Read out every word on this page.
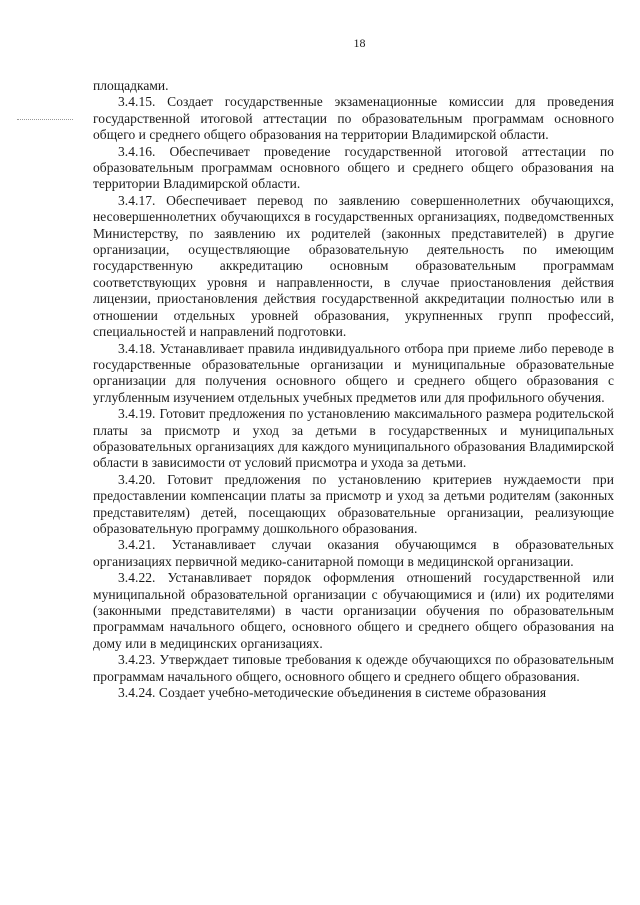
18

площадками.

3.4.15. Создает государственные экзаменационные комиссии для проведения государственной итоговой аттестации по образовательным программам основного общего и среднего общего образования на территории Владимирской области.

3.4.16. Обеспечивает проведение государственной итоговой аттестации по образовательным программам основного общего и среднего общего образования на территории Владимирской области.

3.4.17. Обеспечивает перевод по заявлению совершеннолетних обучающихся, несовершеннолетних обучающихся в государственных организациях, подведомственных Министерству, по заявлению их родителей (законных представителей) в другие организации, осуществляющие образовательную деятельность по имеющим государственную аккредитацию основным образовательным программам соответствующих уровня и направленности, в случае приостановления действия лицензии, приостановления действия государственной аккредитации полностью или в отношении отдельных уровней образования, укрупненных групп профессий, специальностей и направлений подготовки.

3.4.18. Устанавливает правила индивидуального отбора при приеме либо переводе в государственные образовательные организации и муниципальные образовательные организации для получения основного общего и среднего общего образования с углубленным изучением отдельных учебных предметов или для профильного обучения.

3.4.19. Готовит предложения по установлению максимального размера родительской платы за присмотр и уход за детьми в государственных и муниципальных образовательных организациях для каждого муниципального образования Владимирской области в зависимости от условий присмотра и ухода за детьми.

3.4.20. Готовит предложения по установлению критериев нуждаемости при предоставлении компенсации платы за присмотр и уход за детьми родителям (законных представителям) детей, посещающих образовательные организации, реализующие образовательную программу дошкольного образования.

3.4.21. Устанавливает случаи оказания обучающимся в образовательных организациях первичной медико-санитарной помощи в медицинской организации.

3.4.22. Устанавливает порядок оформления отношений государственной или муниципальной образовательной организации с обучающимися и (или) их родителями (законными представителями) в части организации обучения по образовательным программам начального общего, основного общего и среднего общего образования на дому или в медицинских организациях.

3.4.23. Утверждает типовые требования к одежде обучающихся по образовательным программам начального общего, основного общего и среднего общего образования.

3.4.24. Создает учебно-методические объединения в системе образования
